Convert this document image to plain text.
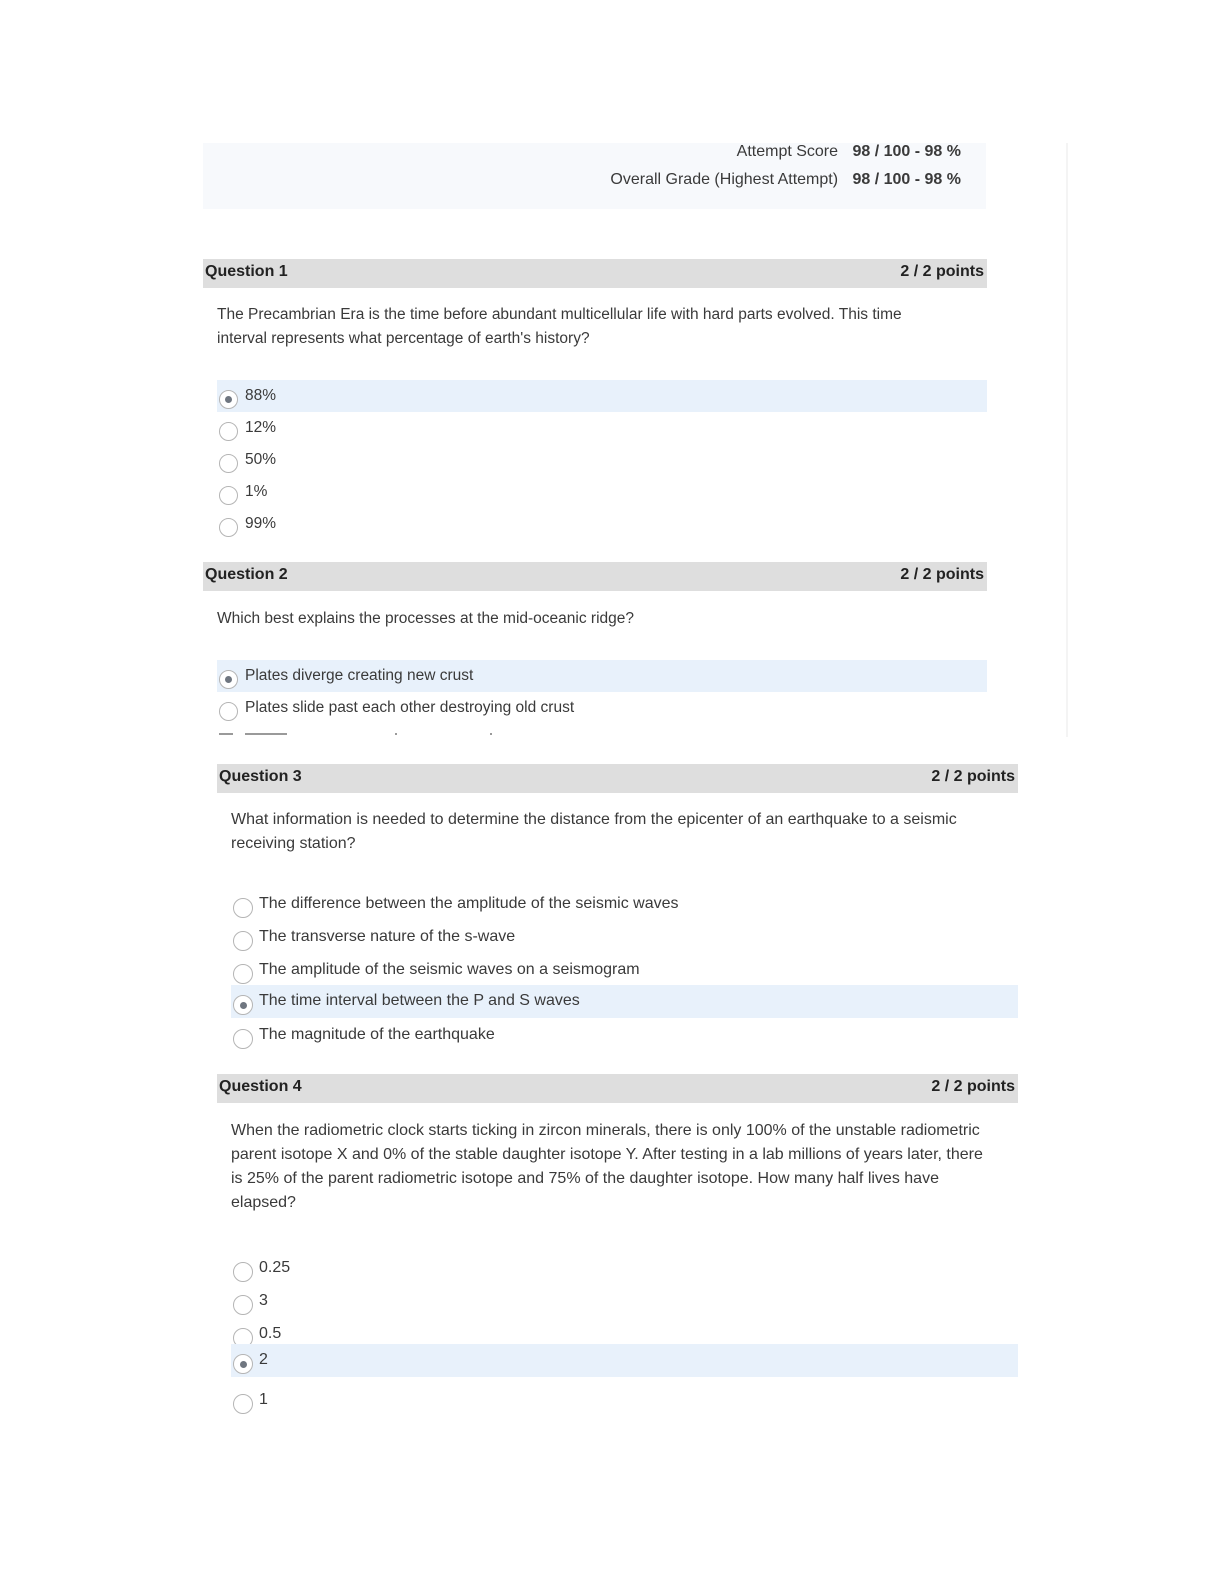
Attempt Score 98 / 100 - 98 %
Overall Grade (Highest Attempt) 98 / 100 - 98 %
Question 1	2 / 2 points
The Precambrian Era is the time before abundant multicellular life with hard parts evolved. This time
interval represents what percentage of earth's history?
88%
12%
50%
1%
99%
Question 2	2 / 2 points
Which best explains the processes at the mid-oceanic ridge?
Plates diverge creating new crust
Plates slide past each other destroying old crust
Question 3	2 / 2 points
What information is needed to determine the distance from the epicenter of an earthquake to a seismic
receiving station?
The difference between the amplitude of the seismic waves
The transverse nature of the s-wave
The amplitude of the seismic waves on a seismogram
The time interval between the P and S waves
The magnitude of the earthquake
Question 4	2 / 2 points
When the radiometric clock starts ticking in zircon minerals, there is only 100% of the unstable radiometric
parent isotope X and 0% of the stable daughter isotope Y. After testing in a lab millions of years later, there
is 25% of the parent radiometric isotope and 75% of the daughter isotope. How many half lives have
elapsed?
0.25
3
0.5
2
1
